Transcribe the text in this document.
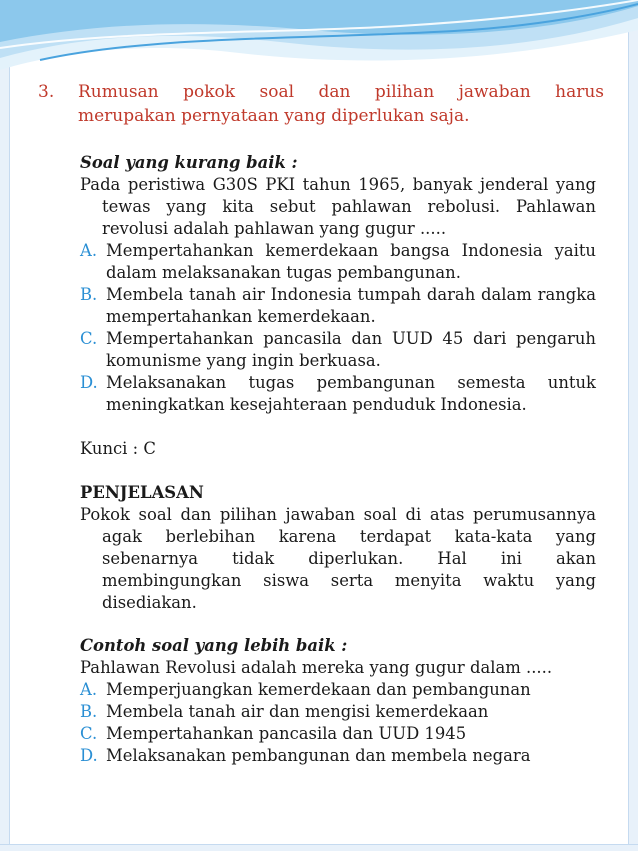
3. Rumusan pokok soal dan pilihan jawaban harus
merupakan pernyataan yang diperlukan saja.

Soal yang kurang baik :

Pada peristiwa G30S PKI tahun 1965, banyak jenderal yang tewas yang kita sebut pahlawan rebolusi. Pahlawan revolusi adalah pahlawan yang gugur .....

A. Mempertahankan kemerdekaan bangsa Indonesia yaitu dalam melaksanakan tugas pembangunan.
B. Membela tanah air Indonesia tumpah darah dalam rangka mempertahankan kemerdekaan.
C. Mempertahankan pancasila dan UUD 45 dari pengaruh komunisme yang ingin berkuasa.
D. Melaksanakan tugas pembangunan semesta untuk meningkatkan kesejahteraan penduduk Indonesia.

Kunci : C

PENJELASAN

Pokok soal dan pilihan jawaban soal di atas perumusannya agak berlebihan karena terdapat kata-kata yang sebenarnya tidak diperlukan. Hal ini akan membingungkan siswa serta menyita waktu yang disediakan.

Contoh soal yang lebih baik :

Pahlawan Revolusi adalah mereka yang gugur dalam .....

A. Memperjuangkan kemerdekaan dan pembangunan
B. Membela tanah air dan mengisi kemerdekaan
C. Mempertahankan pancasila dan UUD 1945
D. Melaksanakan pembangunan dan membela negara
